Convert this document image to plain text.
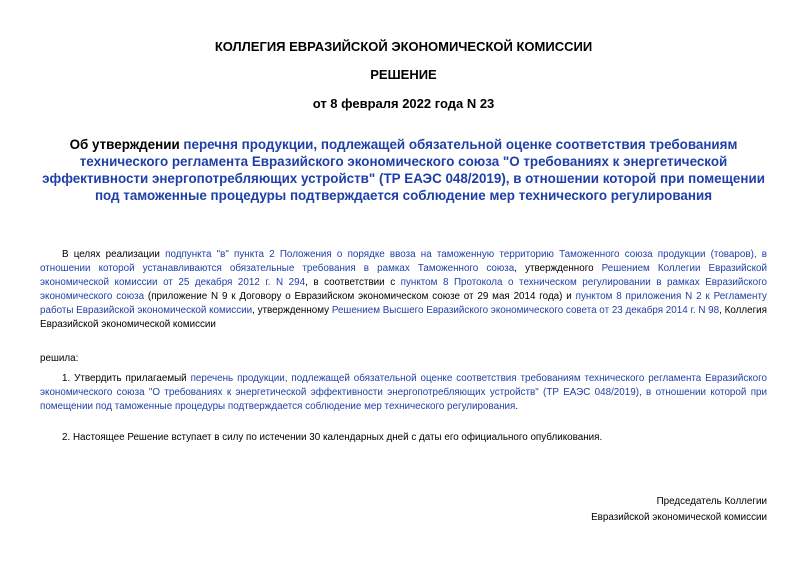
КОЛЛЕГИЯ ЕВРАЗИЙСКОЙ ЭКОНОМИЧЕСКОЙ КОМИССИИ
РЕШЕНИЕ
от 8 февраля 2022 года N 23
Об утверждении перечня продукции, подлежащей обязательной оценке соответствия требованиям технического регламента Евразийского экономического союза "О требованиях к энергетической эффективности энергопотребляющих устройств" (ТР ЕАЭС 048/2019), в отношении которой при помещении под таможенные процедуры подтверждается соблюдение мер технического регулирования
В целях реализации подпункта "в" пункта 2 Положения о порядке ввоза на таможенную территорию Таможенного союза продукции (товаров), в отношении которой устанавливаются обязательные требования в рамках Таможенного союза, утвержденного Решением Коллегии Евразийской экономической комиссии от 25 декабря 2012 г. N 294, в соответствии с пунктом 8 Протокола о техническом регулировании в рамках Евразийского экономического союза (приложение N 9 к Договору о Евразийском экономическом союзе от 29 мая 2014 года) и пунктом 8 приложения N 2 к Регламенту работы Евразийской экономической комиссии, утвержденному Решением Высшего Евразийского экономического совета от 23 декабря 2014 г. N 98, Коллегия Евразийской экономической комиссии
решила:
1. Утвердить прилагаемый перечень продукции, подлежащей обязательной оценке соответствия требованиям технического регламента Евразийского экономического союза "О требованиях к энергетической эффективности энергопотребляющих устройств" (ТР ЕАЭС 048/2019), в отношении которой при помещении под таможенные процедуры подтверждается соблюдение мер технического регулирования.
2. Настоящее Решение вступает в силу по истечении 30 календарных дней с даты его официального опубликования.
Председатель Коллегии
Евразийской экономической комиссии
